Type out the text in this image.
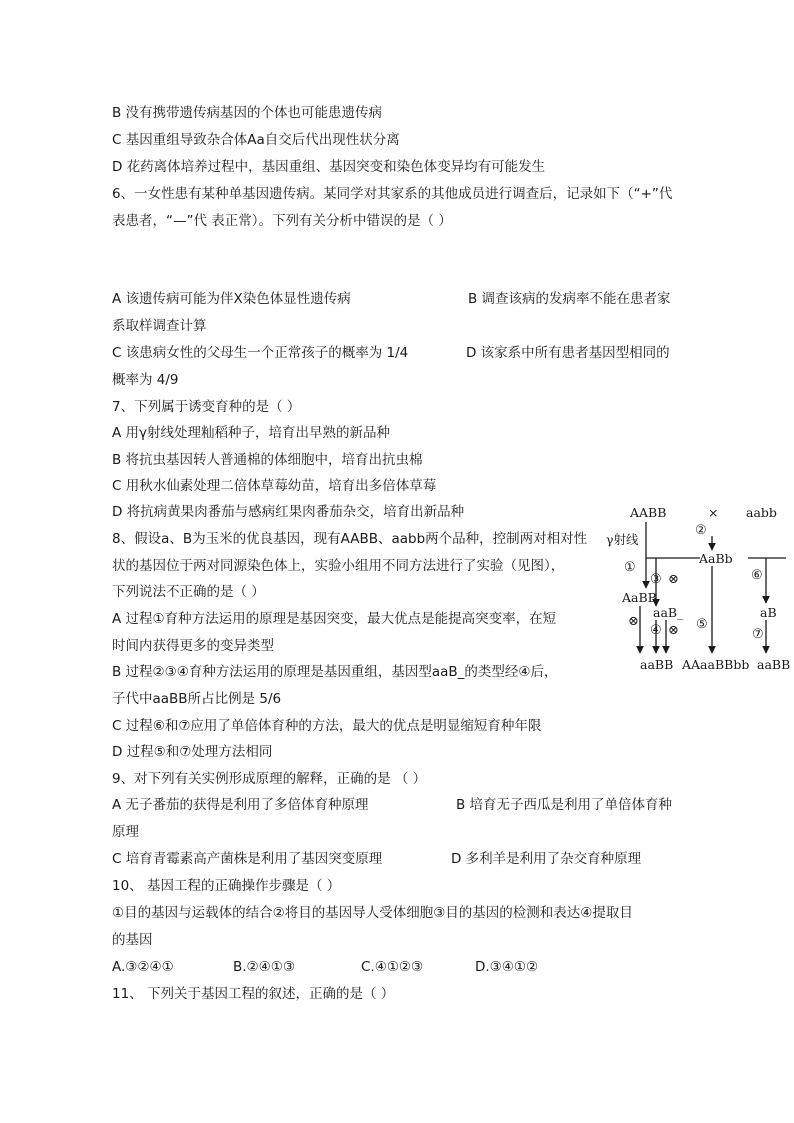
B 没有携带遗传病基因的个体也可能患遗传病
C 基因重组导致杂合体Aa自交后代出现性状分离
D 花药离体培养过程中，基因重组、基因突变和染色体变异均有可能发生
6、一女性患有某种单基因遗传病。某同学对其家系的其他成员进行调查后，记录如下（“+”代
表患者，“—”代 表正常）。下列有关分析中错误的是（ ）
A 该遗传病可能为伴X染色体显性遗传病	B 调查该病的发病率不能在患者家
系取样调查计算
C 该患病女性的父母生一个正常孩子的概率为 1/4	D 该家系中所有患者基因型相同的
概率为 4/9
7、下列属于诱变育种的是（ ）
A 用γ射线处理籼稻种子，培育出早熟的新品种
B 将抗虫基因转人普通棉的体细胞中，培育出抗虫棉
C 用秋水仙素处理二倍体草莓幼苗，培育出多倍体草莓
D 将抗病黄果肉番茄与感病红果肉番茄杂交，培育出新品种
8、假设a、B为玉米的优良基因，现有AABB、aabb两个品种，控制两对相对性
状的基因位于两对同源染色体上，实验小组用不同方法进行了实验（见图），
下列说法不正确的是（ ）
A 过程①育种方法运用的原理是基因突变，最大优点是能提高突变率，在短
时间内获得更多的变异类型
B 过程②③④育种方法运用的原理是基因重组，基因型aaB_的类型经④后，
子代中aaBB所占比例是 5/6
C 过程⑥和⑦应用了单倍体育种的方法，最大的优点是明显缩短育种年限
D 过程⑤和⑦处理方法相同
AABB	× aabb
γ射线
①
②
AaBb
③ ⊗	⑥
AaBB
aaB_	aB
⊗
④ ⊗ ⑤
⑦
aaBB AAaaBBbb aaBB
9、对下列有关实例形成原理的解释，正确的是 （ ）
A 无子番茄的获得是利用了多倍体育种原理	B 培育无子西瓜是利用了单倍体育种
原理
C 培育青霉素高产菌株是利用了基因突变原理	D 多利羊是利用了杂交育种原理
10、 基因工程的正确操作步骤是（ ）
①目的基因与运载体的结合②将目的基因导人受体细胞③目的基因的检测和表达④提取目
的基因
A.③②④①	B.②④①③	C.④①②③	D.③④①②
11、 下列关于基因工程的叙述，正确的是（ ）
